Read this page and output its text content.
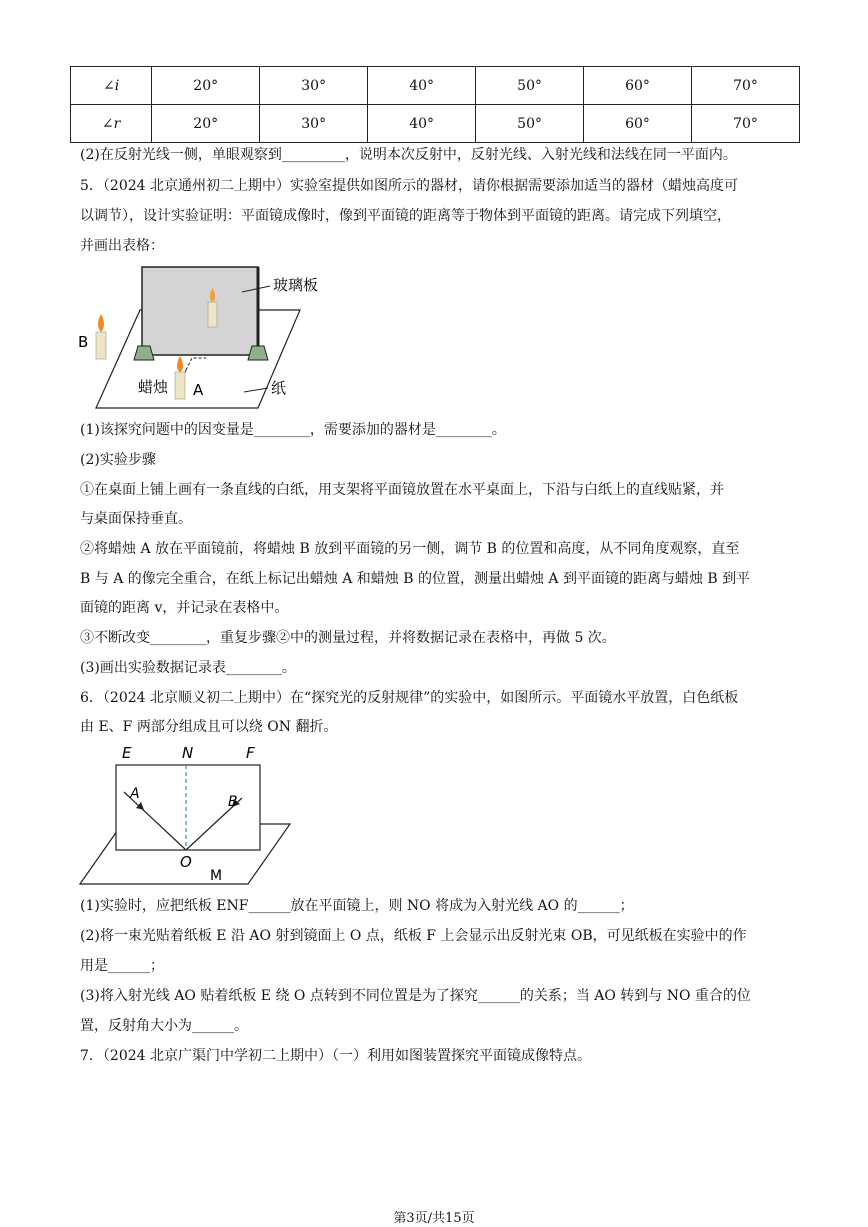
∠i	20°	30°	40°	50°	60°	70°
∠r	20°	30°	40°	50°	60°	70°
(2)在反射光线一侧，单眼观察到_________，说明本次反射中，反射光线、入射光线和法线在同一平面内。
5．（2024 北京通州初二上期中）实验室提供如图所示的器材，请你根据需要添加适当的器材（蜡烛高度可
以调节），设计实验证明：平面镜成像时，像到平面镜的距离等于物体到平面镜的距离。请完成下列填空，
并画出表格：
玻璃板
纸
蜡烛 A
B
(1)该探究问题中的因变量是________，需要添加的器材是________。
(2)实验步骤
①在桌面上铺上画有一条直线的白纸，用支架将平面镜放置在水平桌面上，下沿与白纸上的直线贴紧，并
与桌面保持垂直。
②将蜡烛 A 放在平面镜前，将蜡烛 B 放到平面镜的另一侧，调节 B 的位置和高度，从不同角度观察，直至
B 与 A 的像完全重合，在纸上标记出蜡烛 A 和蜡烛 B 的位置，测量出蜡烛 A 到平面镜的距离与蜡烛 B 到平
面镜的距离 v，并记录在表格中。
③不断改变________，重复步骤②中的测量过程，并将数据记录在表格中，再做 5 次。
(3)画出实验数据记录表________。
6．（2024 北京顺义初二上期中）在“探究光的反射规律”的实验中，如图所示。平面镜水平放置，白色纸板
由 E、F 两部分组成且可以绕 ON 翻折。
E	N	F
A	B
O
M
(1)实验时，应把纸板 ENF______放在平面镜上，则 NO 将成为入射光线 AO 的______；
(2)将一束光贴着纸板 E 沿 AO 射到镜面上 O 点，纸板 F 上会显示出反射光束 OB，可见纸板在实验中的作
用是______；
(3)将入射光线 AO 贴着纸板 E 绕 O 点转到不同位置是为了探究______的关系；当 AO 转到与 NO 重合的位
置，反射角大小为______。
7．（2024 北京广渠门中学初二上期中）（一）利用如图装置探究平面镜成像特点。
第3页/共15页
